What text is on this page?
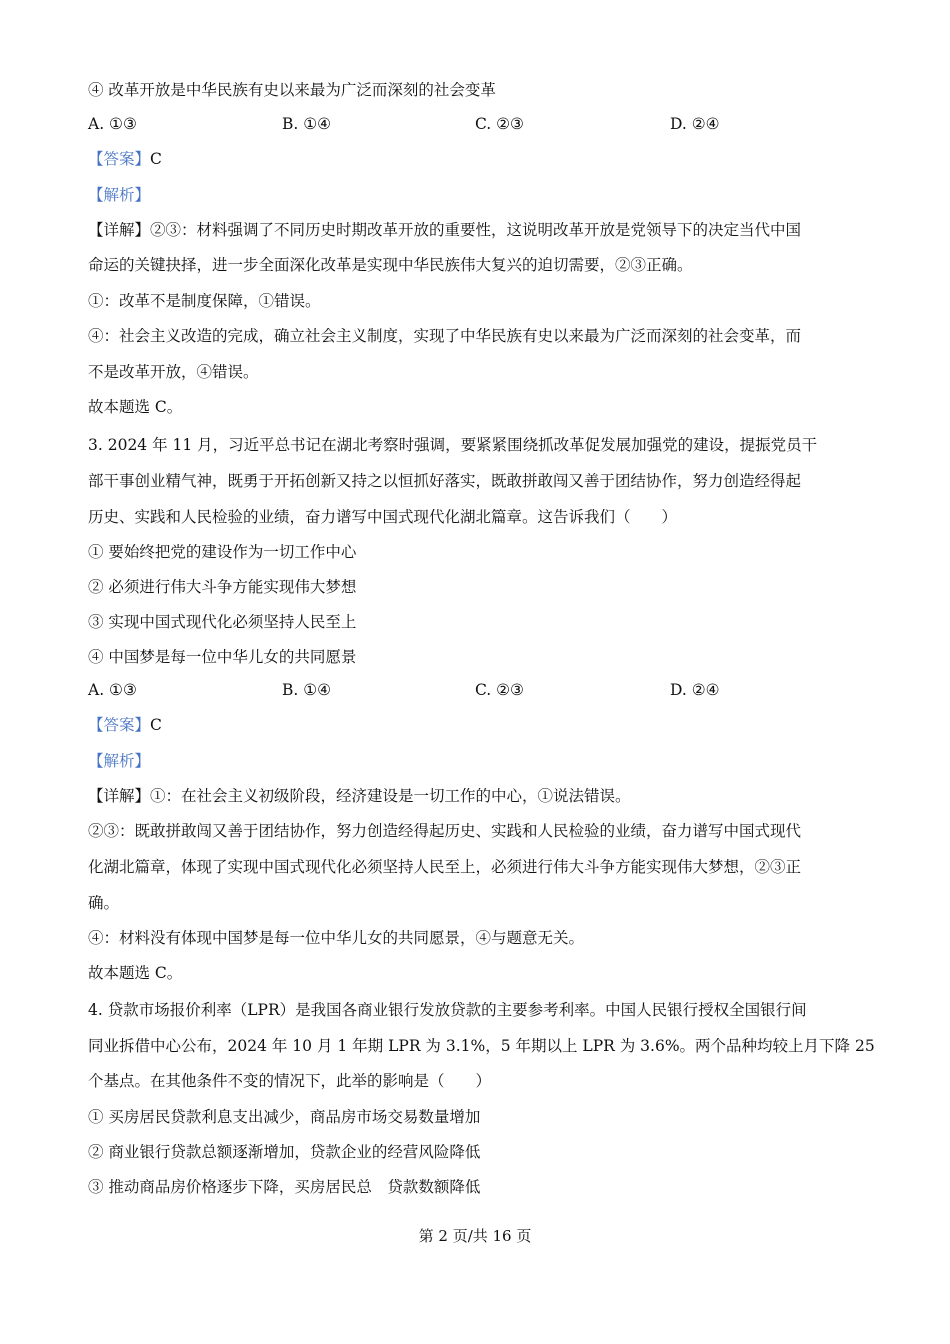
④ 改革开放是中华民族有史以来最为广泛而深刻的社会变革
A. ①③	B. ①④	C. ②③	D. ②④
【答案】C
【解析】
【详解】②③：材料强调了不同历史时期改革开放的重要性，这说明改革开放是党领导下的决定当代中国
命运的关键抉择，进一步全面深化改革是实现中华民族伟大复兴的迫切需要，②③正确。
①：改革不是制度保障，①错误。
④：社会主义改造的完成，确立社会主义制度，实现了中华民族有史以来最为广泛而深刻的社会变革，而
不是改革开放，④错误。
故本题选 C。
3. 2024 年 11 月，习近平总书记在湖北考察时强调，要紧紧围绕抓改革促发展加强党的建设，提振党员干
部干事创业精气神，既勇于开拓创新又持之以恒抓好落实，既敢拼敢闯又善于团结协作，努力创造经得起
历史、实践和人民检验的业绩，奋力谱写中国式现代化湖北篇章。这告诉我们（　　）
① 要始终把党的建设作为一切工作中心
② 必须进行伟大斗争方能实现伟大梦想
③ 实现中国式现代化必须坚持人民至上
④ 中国梦是每一位中华儿女的共同愿景
A. ①③	B. ①④	C. ②③	D. ②④
【答案】C
【解析】
【详解】①：在社会主义初级阶段，经济建设是一切工作的中心，①说法错误。
②③：既敢拼敢闯又善于团结协作，努力创造经得起历史、实践和人民检验的业绩，奋力谱写中国式现代
化湖北篇章，体现了实现中国式现代化必须坚持人民至上，必须进行伟大斗争方能实现伟大梦想，②③正
确。
④：材料没有体现中国梦是每一位中华儿女的共同愿景，④与题意无关。
故本题选 C。
4. 贷款市场报价利率（LPR）是我国各商业银行发放贷款的主要参考利率。中国人民银行授权全国银行间
同业拆借中心公布，2024 年 10 月 1 年期 LPR 为 3.1%，5 年期以上 LPR 为 3.6%。两个品种均较上月下降 25
个基点。在其他条件不变的情况下，此举的影响是（　　）
① 买房居民贷款利息支出减少，商品房市场交易数量增加
② 商业银行贷款总额逐渐增加，贷款企业的经营风险降低
③ 推动商品房价格逐步下降，买房居民总　贷款数额降低
第 2 页/共 16 页
